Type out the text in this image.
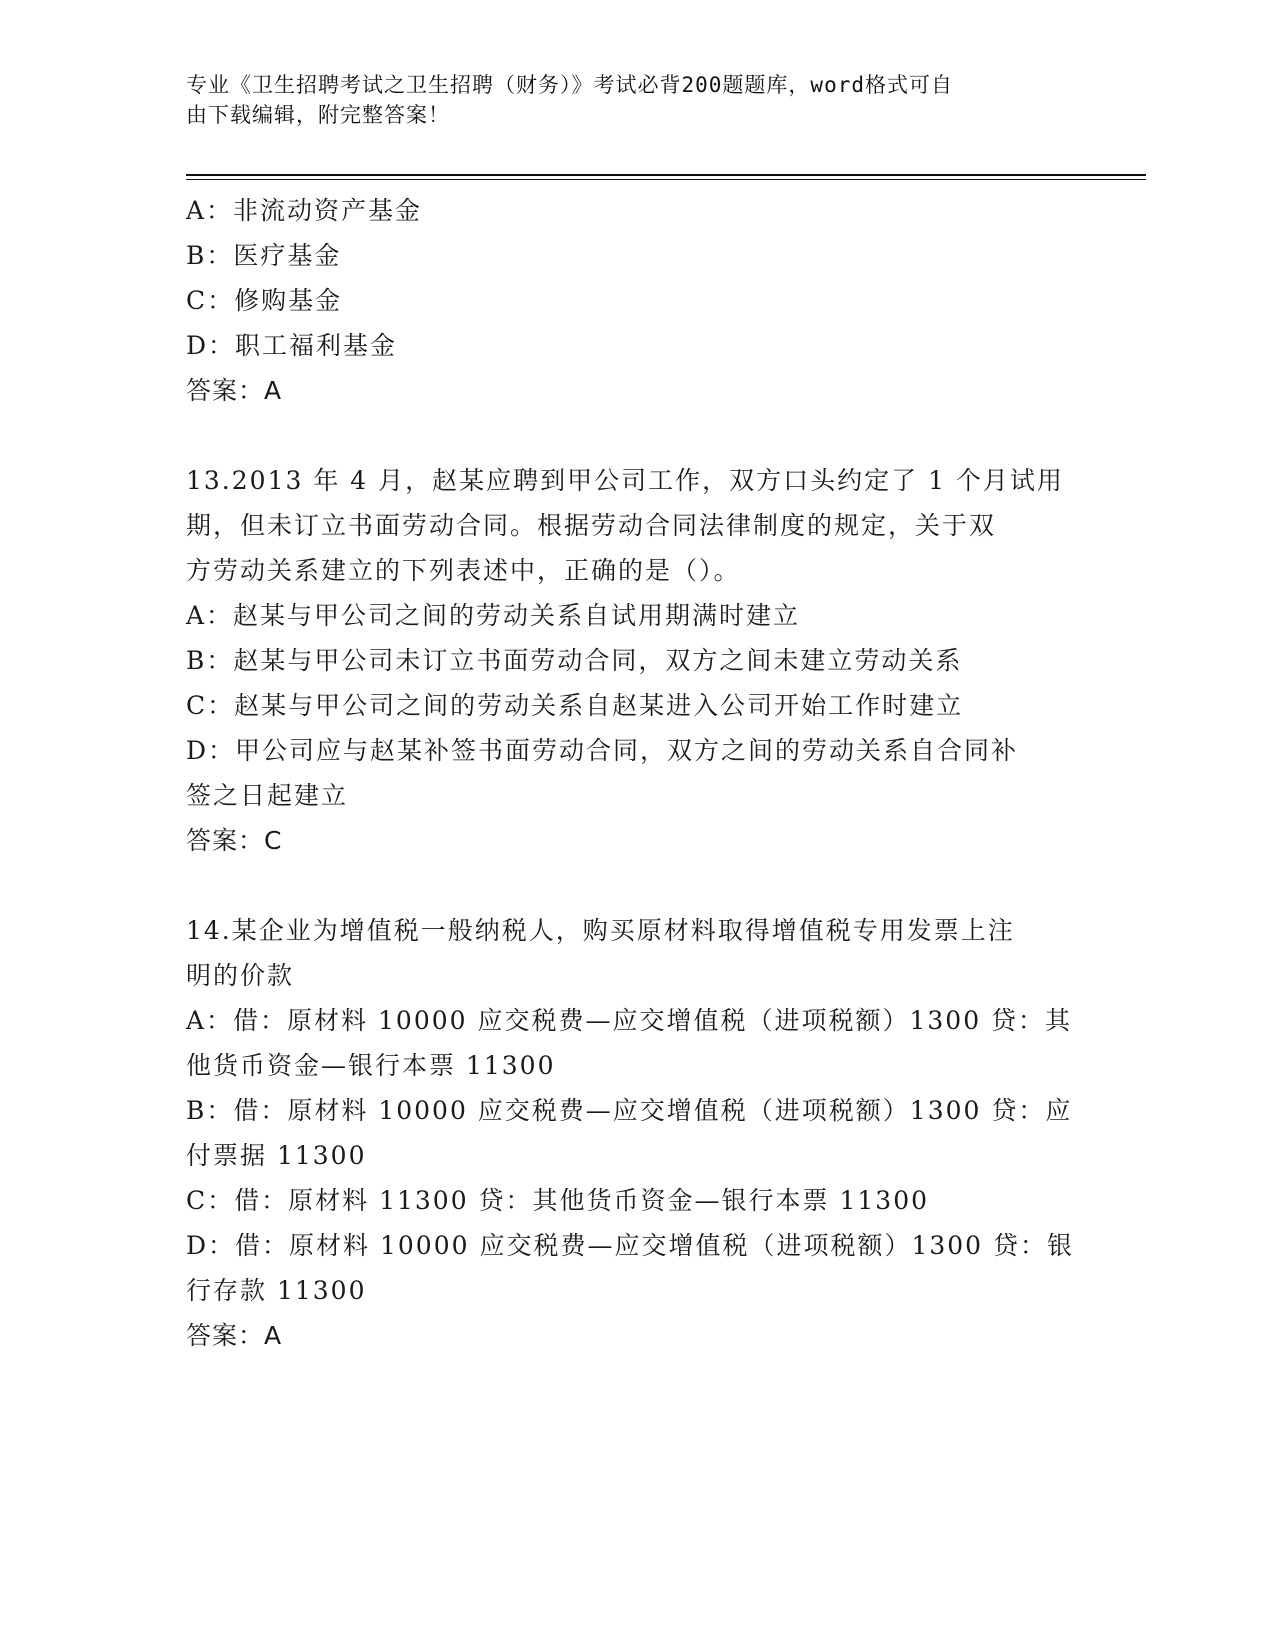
专业《卫生招聘考试之卫生招聘（财务）》考试必背200题题库，word格式可自
由下载编辑，附完整答案！

A：非流动资产基金

B：医疗基金

C：修购基金

D：职工福利基金

答案：A

13.2013 年 4 月，赵某应聘到甲公司工作，双方口头约定了 1 个月试用

期，但未订立书面劳动合同。根据劳动合同法律制度的规定，关于双

方劳动关系建立的下列表述中，正确的是（）。

A：赵某与甲公司之间的劳动关系自试用期满时建立

B：赵某与甲公司未订立书面劳动合同，双方之间未建立劳动关系

C：赵某与甲公司之间的劳动关系自赵某进入公司开始工作时建立

D：甲公司应与赵某补签书面劳动合同，双方之间的劳动关系自合同补

签之日起建立

答案：C

14.某企业为增值税一般纳税人，购买原材料取得增值税专用发票上注

明的价款

A：借：原材料 10000 应交税费—应交增值税（进项税额）1300 贷：其

他货币资金—银行本票 11300

B：借：原材料 10000 应交税费—应交增值税（进项税额）1300 贷：应

付票据 11300

C：借：原材料 11300 贷：其他货币资金—银行本票 11300

D：借：原材料 10000 应交税费—应交增值税（进项税额）1300 贷：银

行存款 11300

答案：A
